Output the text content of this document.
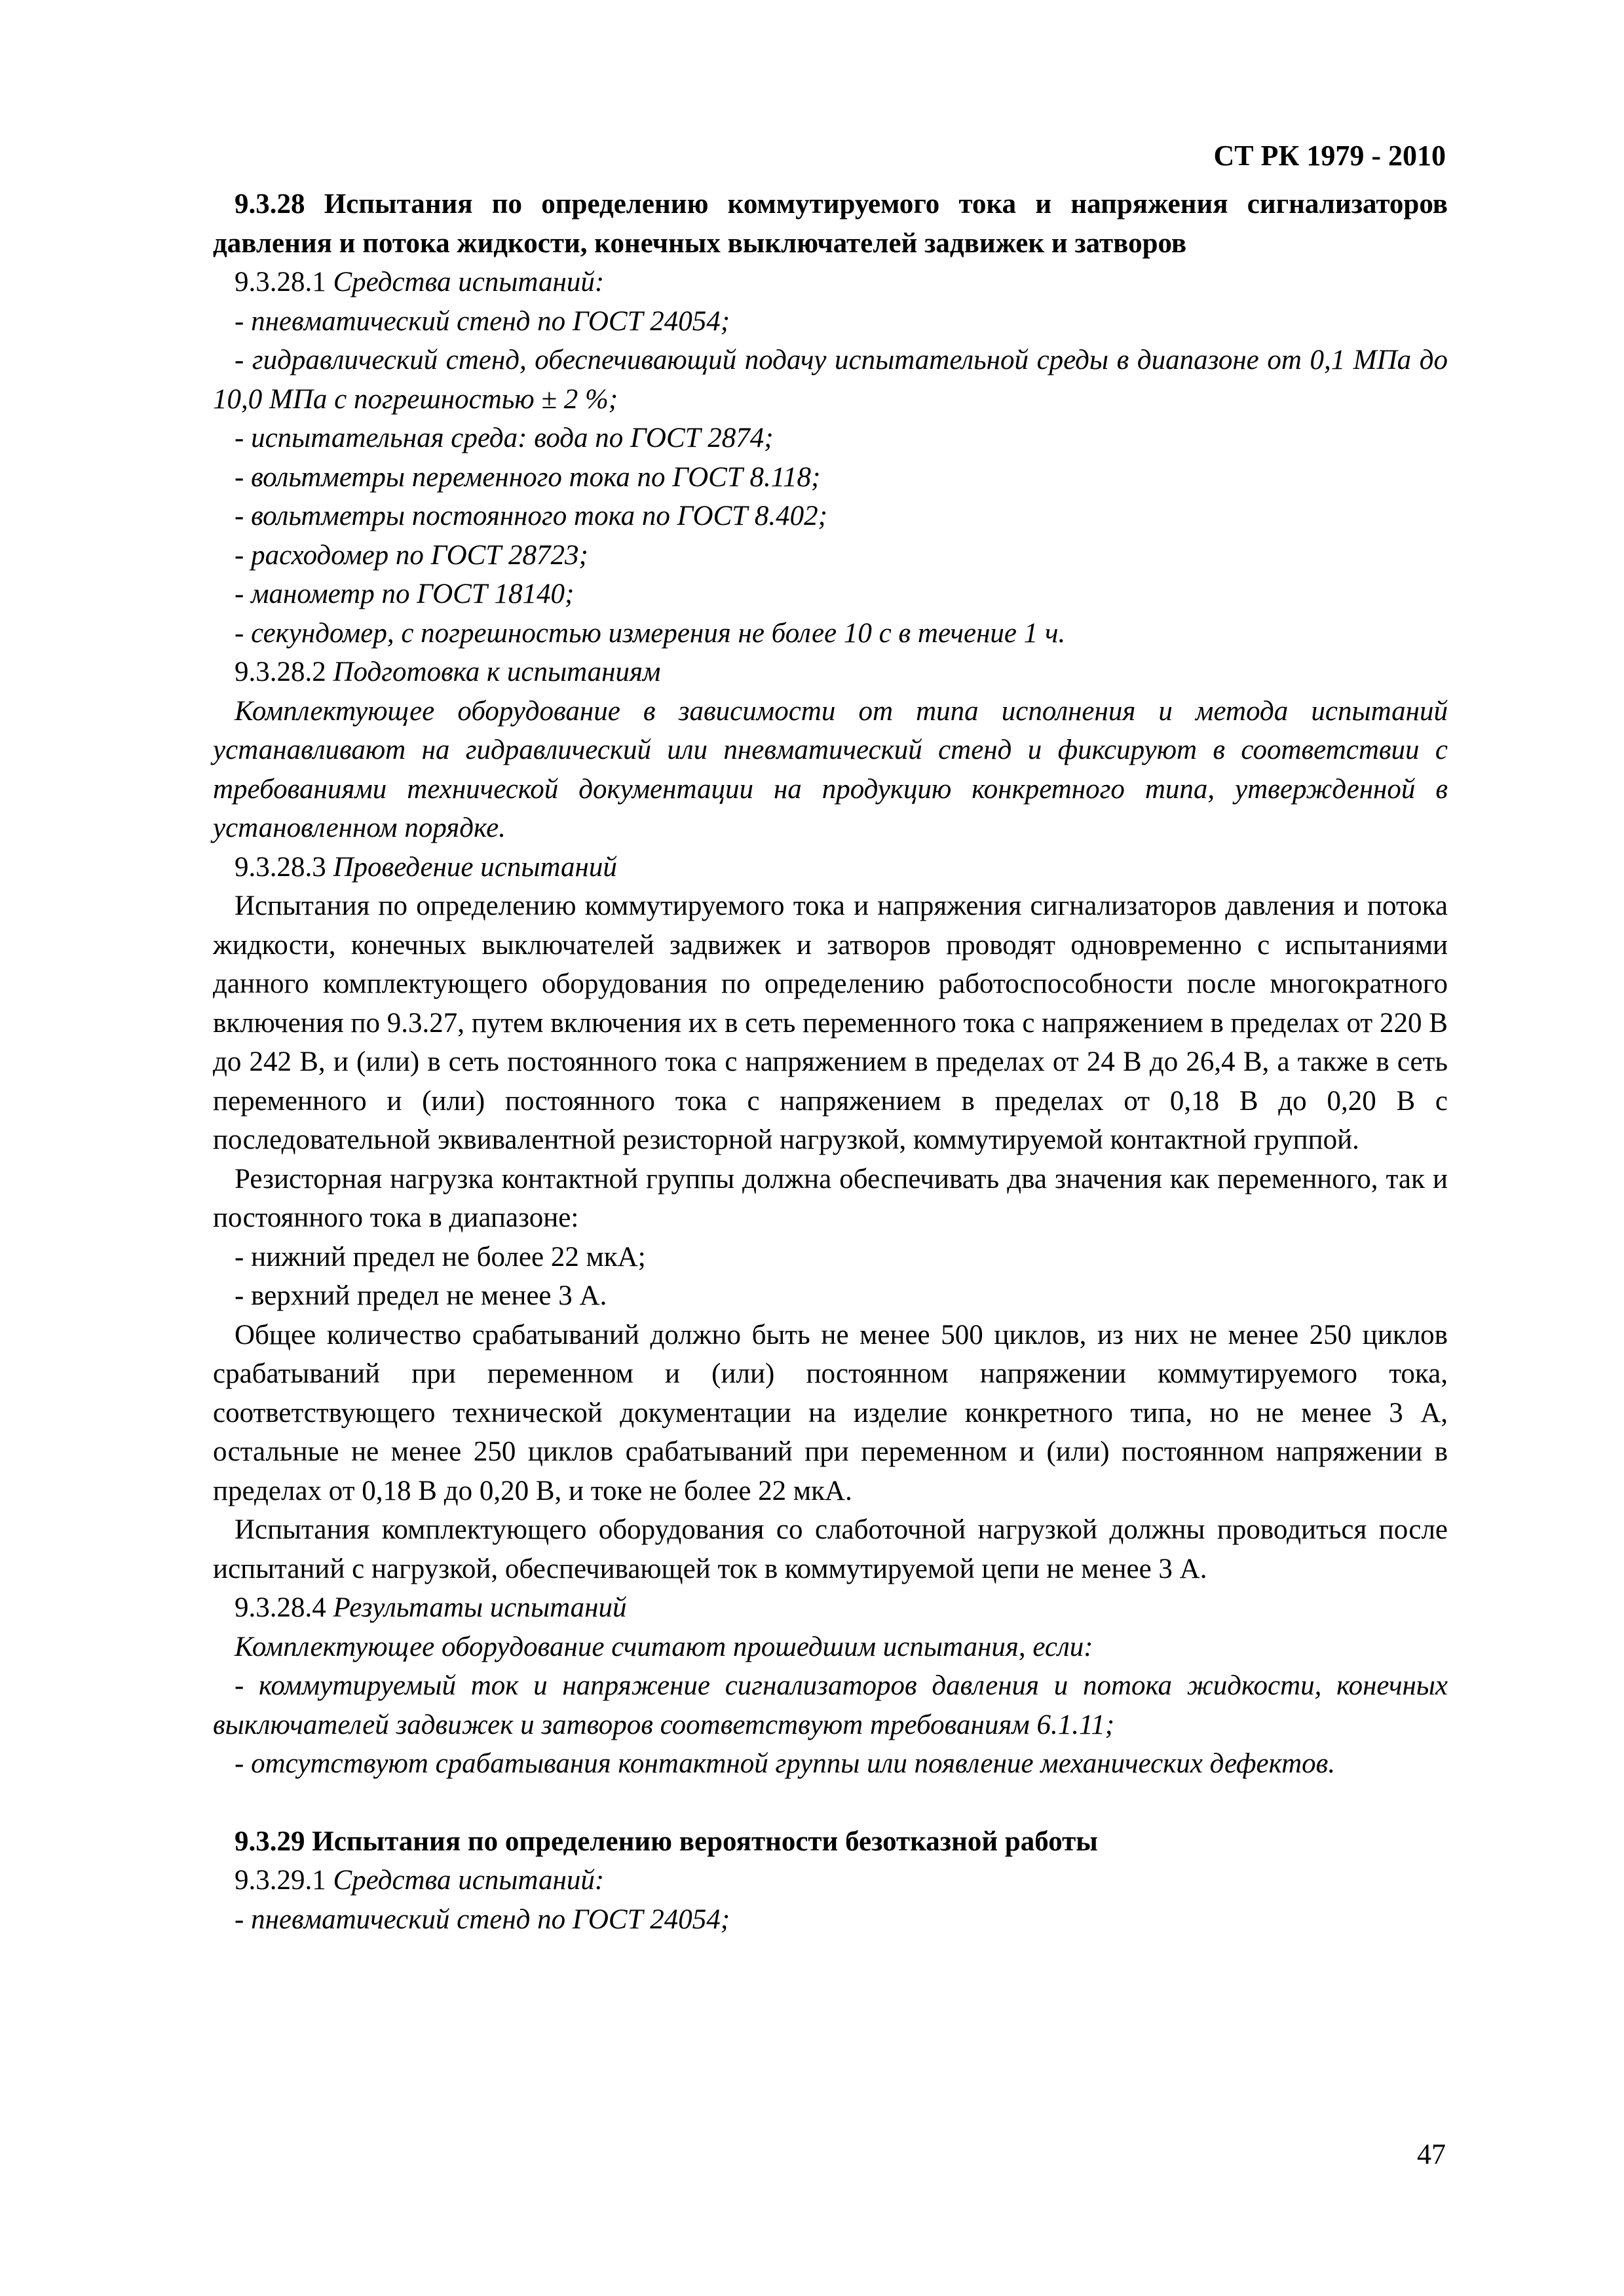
СТ РК 1979 - 2010

9.3.28 Испытания по определению коммутируемого тока и напряжения сигнализаторов давления и потока жидкости, конечных выключателей задвижек и затворов

9.3.28.1 Средства испытаний:

- пневматический стенд по ГОСТ 24054;

- гидравлический стенд, обеспечивающий подачу испытательной среды в диапазоне от 0,1 МПа до 10,0 МПа с погрешностью ± 2 %;

- испытательная среда: вода по ГОСТ 2874;

- вольтметры переменного тока по ГОСТ 8.118;

- вольтметры постоянного тока по ГОСТ 8.402;

- расходомер по ГОСТ 28723;

- манометр по ГОСТ 18140;

- секундомер, с погрешностью измерения не более 10 с в течение 1 ч.

9.3.28.2 Подготовка к испытаниям

Комплектующее оборудование в зависимости от типа исполнения и метода испытаний устанавливают на гидравлический или пневматический стенд и фиксируют в соответствии с требованиями технической документации на продукцию конкретного типа, утвержденной в установленном порядке.

9.3.28.3 Проведение испытаний

Испытания по определению коммутируемого тока и напряжения сигнализаторов давления и потока жидкости, конечных выключателей задвижек и затворов проводят одновременно с испытаниями данного комплектующего оборудования по определению работоспособности после многократного включения по 9.3.27, путем включения их в сеть переменного тока с напряжением в пределах от 220 В до 242 В, и (или) в сеть постоянного тока с напряжением в пределах от 24 В до 26,4 В, а также в сеть переменного и (или) постоянного тока с напряжением в пределах от 0,18 В до 0,20 В с последовательной эквивалентной резисторной нагрузкой, коммутируемой контактной группой.

Резисторная нагрузка контактной группы должна обеспечивать два значения как переменного, так и постоянного тока в диапазоне:

- нижний предел не более 22 мкА;

- верхний предел не менее 3 А.

Общее количество срабатываний должно быть не менее 500 циклов, из них не менее 250 циклов срабатываний при переменном и (или) постоянном напряжении коммутируемого тока, соответствующего технической документации на изделие конкретного типа, но не менее 3 А, остальные не менее 250 циклов срабатываний при переменном и (или) постоянном напряжении в пределах от 0,18 В до 0,20 В, и токе не более 22 мкА.

Испытания комплектующего оборудования со слаботочной нагрузкой должны проводиться после испытаний с нагрузкой, обеспечивающей ток в коммутируемой цепи не менее 3 А.

9.3.28.4 Результаты испытаний

Комплектующее оборудование считают прошедшим испытания, если:

- коммутируемый ток и напряжение сигнализаторов давления и потока жидкости, конечных выключателей задвижек и затворов соответствуют требованиям 6.1.11;

- отсутствуют срабатывания контактной группы или появление механических дефектов.

9.3.29 Испытания по определению вероятности безотказной работы

9.3.29.1 Средства испытаний:

- пневматический стенд по ГОСТ 24054;

47
